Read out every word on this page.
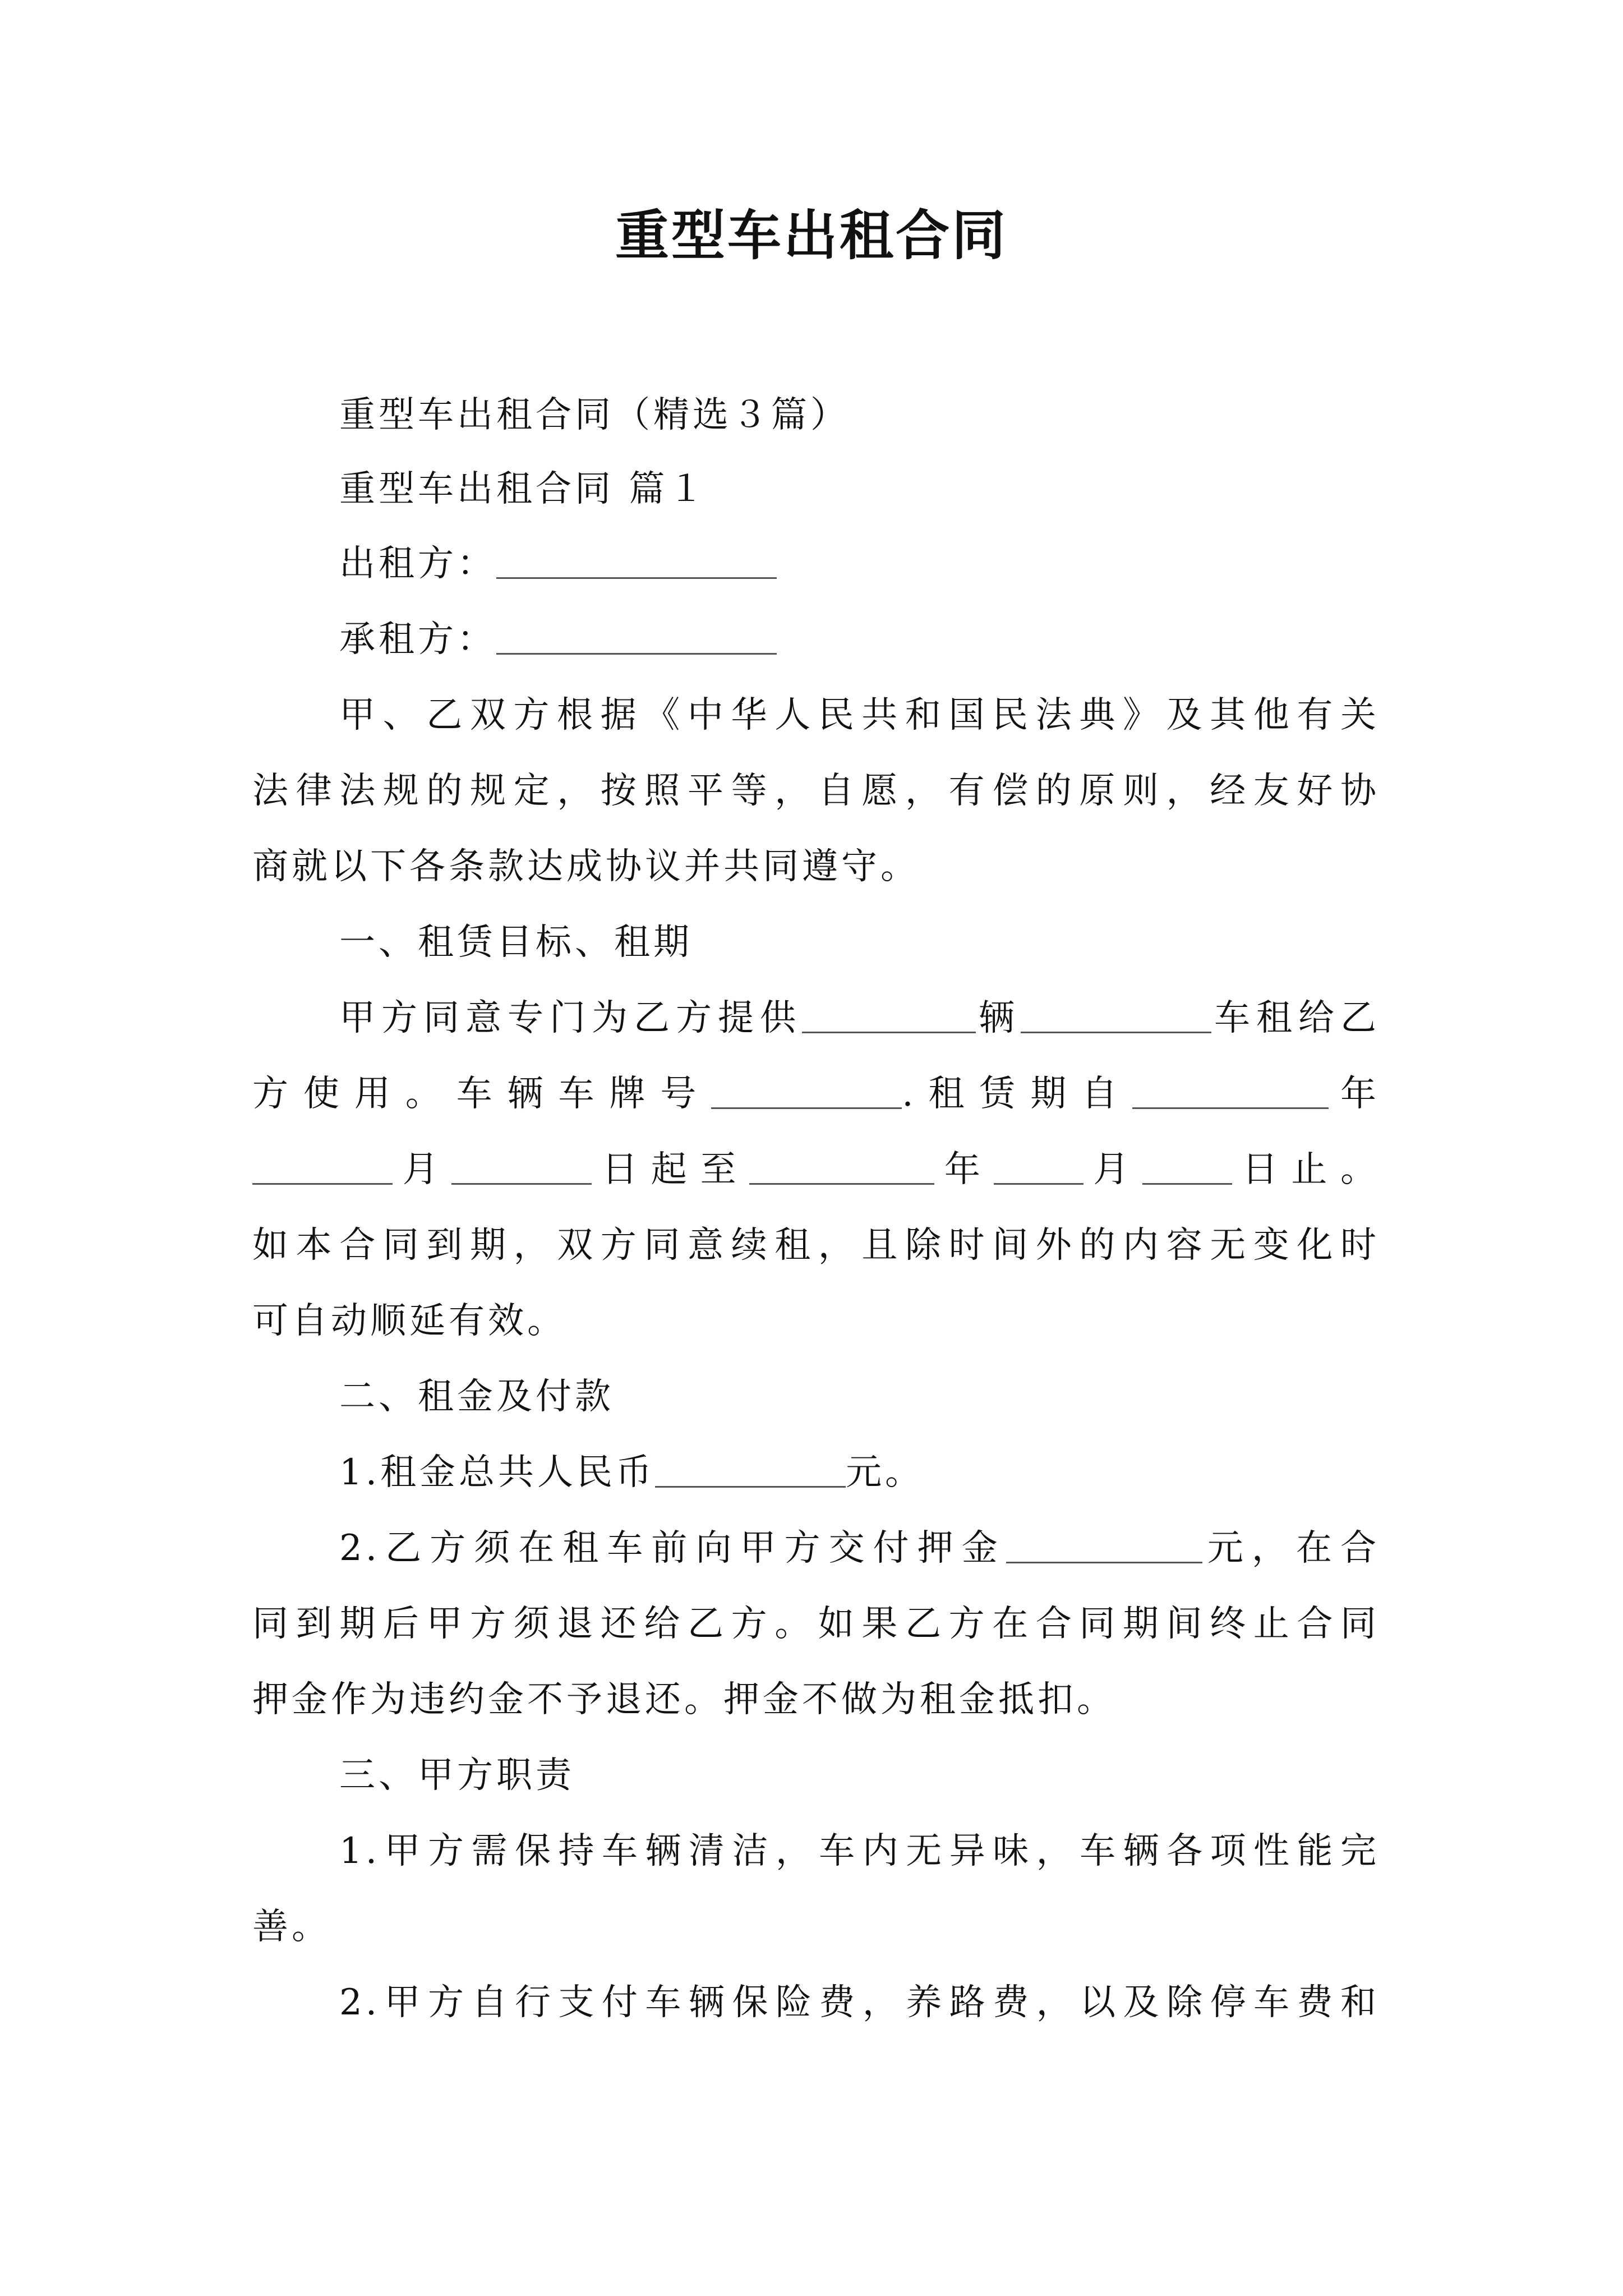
重型车出租合同

重型车出租合同（精选３篇）

重型车出租合同 篇１

出租方：

承租方：

甲、乙双方根据《中华人民共和国民法典》及其他有关

法律法规的规定，按照平等，自愿，有偿的原则，经友好协

商就以下各条款达成协议并共同遵守。

一、租赁目标、租期

甲方同意专门为乙方提供	辆	车租给乙

方使用。车辆车牌号	.租赁期自	年

月	日起至	年	月	日止。

如本合同到期，双方同意续租，且除时间外的内容无变化时

可自动顺延有效。

二、租金及付款

1.租金总共人民币	元。

2.乙方须在租车前向甲方交付押金	元，在合

同到期后甲方须退还给乙方。如果乙方在合同期间终止合同

押金作为违约金不予退还。押金不做为租金抵扣。

三、甲方职责

1.甲方需保持车辆清洁，车内无异味，车辆各项性能完

善。

2.甲方自行支付车辆保险费，养路费，以及除停车费和
